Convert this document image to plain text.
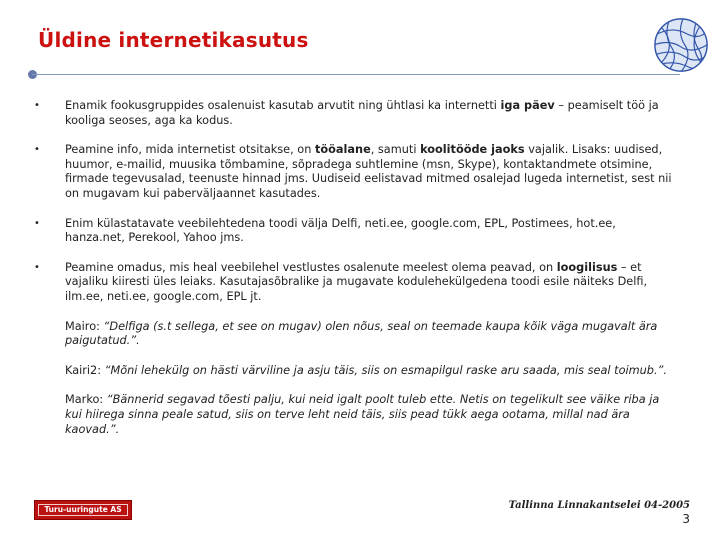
Üldine internetikasutus
• Enamik fookusgruppides osalenuist kasutab arvutit ning ühtlasi ka internetti iga päev – peamiselt töö ja kooliga seoses, aga ka kodus.
• Peamine info, mida internetist otsitakse, on tööalane, samuti koolitööde jaoks vajalik. Lisaks: uudised, huumor, e-mailid, muusika tõmbamine, sõpradega suhtlemine (msn, Skype), kontaktandmete otsimine, firmade tegevusalad, teenuste hinnad jms. Uudiseid eelistavad mitmed osalejad lugeda internetist, sest nii on mugavam kui paberväljaannet kasutades.
• Enim külastatavate veebilehtedena toodi välja Delfi, neti.ee, google.com, EPL, Postimees, hot.ee, hanza.net, Perekool, Yahoo jms.
• Peamine omadus, mis heal veebilehel vestlustes osalenute meelest olema peavad, on loogilisus – et vajaliku kiiresti üles leiaks. Kasutajasõbralike ja mugavate kodulehekülgedena toodi esile näiteks Delfi, ilm.ee, neti.ee, google.com, EPL jt.
Mairo: “Delfiga (s.t sellega, et see on mugav) olen nõus, seal on teemade kaupa kõik väga mugavalt ära paigutatud.”.
Kairi2: “Mõni lehekülg on hästi värviline ja asju täis, siis on esmapilgul raske aru saada, mis seal toimub.”.
Marko: “Bännerid segavad tõesti palju, kui neid igalt poolt tuleb ette. Netis on tegelikult see väike riba ja kui hiirega sinna peale satud, siis on terve leht neid täis, siis pead tükk aega ootama, millal nad ära kaovad.”.
Turu-uuringute AS	Tallinna Linnakantselei 04-2005
3
